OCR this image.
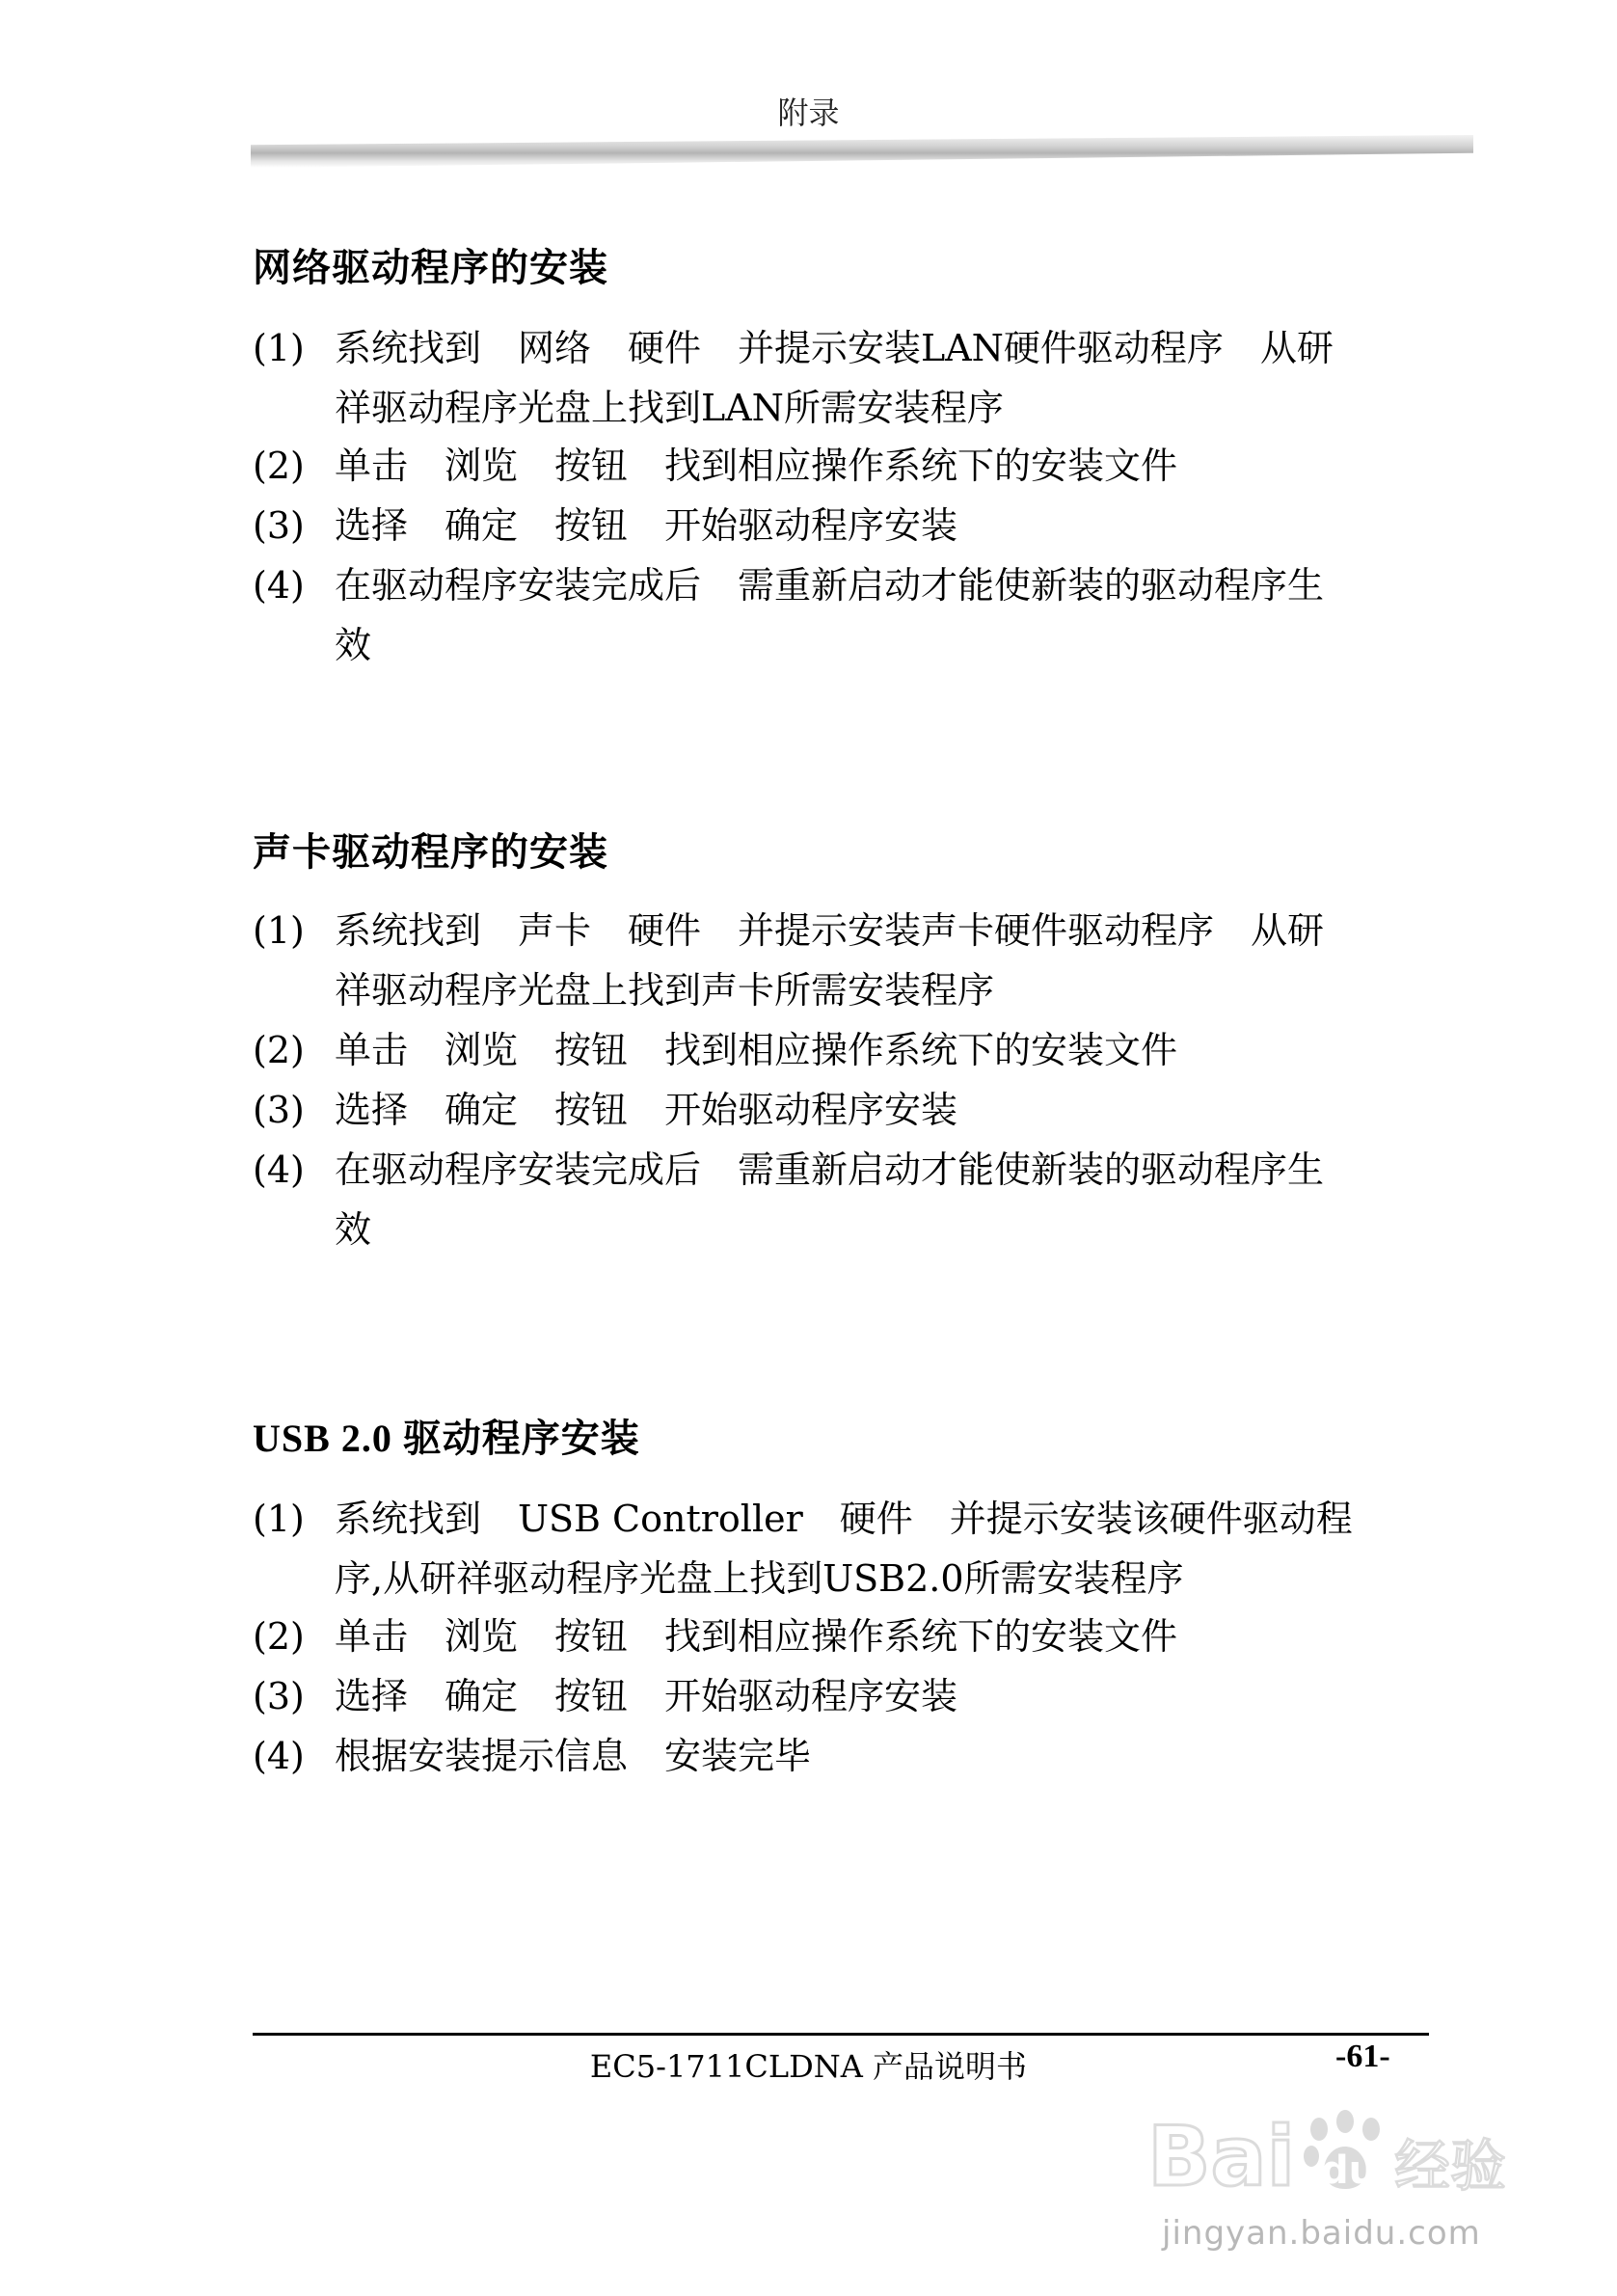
附录
网络驱动程序的安装
(1) 系统找到　网络　硬件　并提示安装LAN硬件驱动程序　从研
祥驱动程序光盘上找到LAN所需安装程序
(2) 单击　浏览　按钮　找到相应操作系统下的安装文件
(3) 选择　确定　按钮　开始驱动程序安装
(4) 在驱动程序安装完成后　需重新启动才能使新装的驱动程序生
效
声卡驱动程序的安装
(1) 系统找到　声卡　硬件　并提示安装声卡硬件驱动程序　从研
祥驱动程序光盘上找到声卡所需安装程序
(2) 单击　浏览　按钮　找到相应操作系统下的安装文件
(3) 选择　确定　按钮　开始驱动程序安装
(4) 在驱动程序安装完成后　需重新启动才能使新装的驱动程序生
效
USB 2.0 驱动程序安装
(1) 系统找到　USB Controller　硬件　并提示安装该硬件驱动程
序,从研祥驱动程序光盘上找到USB2.0所需安装程序
(2) 单击　浏览　按钮　找到相应操作系统下的安装文件
(3) 选择　确定　按钮　开始驱动程序安装
(4) 根据安装提示信息　安装完毕
EC5-1711CLDNA 产品说明书	-61-
Bai du 经验
jingyan.baidu.com
